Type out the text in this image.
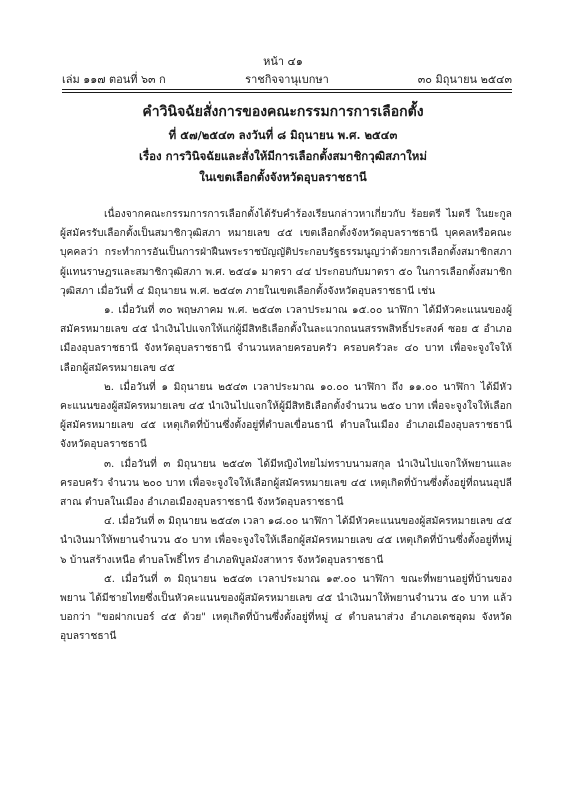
หน้า ๔๑
เล่ม ๑๑๗ ตอนที่ ๖๓ ก	ราชกิจจานุเบกษา	๓๐ มิถุนายน ๒๕๔๓
คำวินิจฉัยสั่งการของคณะกรรมการการเลือกตั้ง
ที่ ๕๗/๒๕๔๓ ลงวันที่ ๘ มิถุนายน พ.ศ. ๒๕๔๓
เรื่อง การวินิจฉัยและสั่งให้มีการเลือกตั้งสมาชิกวุฒิสภาใหม่
ในเขตเลือกตั้งจังหวัดอุบลราชธานี

เนื่องจากคณะกรรมการการเลือกตั้งได้รับคำร้องเรียนกล่าวหาเกี่ยวกับ ร้อยตรี ไมตรี ในยะกูล ผู้สมัครรับเลือกตั้งเป็นสมาชิกวุฒิสภา หมายเลข ๔๕ เขตเลือกตั้งจังหวัดอุบลราชธานี บุคคลหรือคณะบุคคลว่า กระทำการอันเป็นการฝ่าฝืนพระราชบัญญัติประกอบรัฐธรรมนูญว่าด้วยการเลือกตั้งสมาชิกสภาผู้แทนราษฎรและสมาชิกวุฒิสภา พ.ศ. ๒๕๔๑ มาตรา ๔๔ ประกอบกับมาตรา ๕๐ ในการเลือกตั้งสมาชิกวุฒิสภา เมื่อวันที่ ๔ มิถุนายน พ.ศ. ๒๕๔๓ ภายในเขตเลือกตั้งจังหวัดอุบลราชธานี เช่น

๑. เมื่อวันที่ ๓๐ พฤษภาคม พ.ศ. ๒๕๔๓ เวลาประมาณ ๑๕.๐๐ นาฬิกา ได้มีหัวคะแนนของผู้สมัครหมายเลข ๔๕ นำเงินไปแจกให้แก่ผู้มีสิทธิเลือกตั้งในละแวกถนนสรรพสิทธิ์ประสงค์ ซอย ๕ อำเภอเมืองอุบลราชธานี จังหวัดอุบลราชธานี จำนวนหลายครอบครัว ครอบครัวละ ๔๐ บาท เพื่อจะจูงใจให้เลือกผู้สมัครหมายเลข ๔๕

๒. เมื่อวันที่ ๑ มิถุนายน ๒๕๔๓ เวลาประมาณ ๑๐.๐๐ นาฬิกา ถึง ๑๑.๐๐ นาฬิกา ได้มีหัวคะแนนของผู้สมัครหมายเลข ๔๕ นำเงินไปแจกให้ผู้มีสิทธิเลือกตั้งจำนวน ๒๕๐ บาท เพื่อจะจูงใจให้เลือกผู้สมัครหมายเลข ๔๕ เหตุเกิดที่บ้านซึ่งตั้งอยู่ที่ตำบลเขื่อนธานี ตำบลในเมือง อำเภอเมืองอุบลราชธานี จังหวัดอุบลราชธานี

๓. เมื่อวันที่ ๓ มิถุนายน ๒๕๔๓ ได้มีหญิงไทยไม่ทราบนามสกุล นำเงินไปแจกให้พยานและครอบครัว จำนวน ๒๐๐ บาท เพื่อจะจูงใจให้เลือกผู้สมัครหมายเลข ๔๕ เหตุเกิดที่บ้านซึ่งตั้งอยู่ที่ถนนอุปลีสาณ ตำบลในเมือง อำเภอเมืองอุบลราชธานี จังหวัดอุบลราชธานี

๔. เมื่อวันที่ ๓ มิถุนายน ๒๕๔๓ เวลา ๑๘.๐๐ นาฬิกา ได้มีหัวคะแนนของผู้สมัครหมายเลข ๔๕ นำเงินมาให้พยานจำนวน ๕๐ บาท เพื่อจะจูงใจให้เลือกผู้สมัครหมายเลข ๔๕ เหตุเกิดที่บ้านซึ่งตั้งอยู่ที่หมู่ ๖ บ้านสร้างเหนือ ตำบลโพธิ์ไทร อำเภอพิบูลมังสาหาร จังหวัดอุบลราชธานี

๕. เมื่อวันที่ ๓ มิถุนายน ๒๕๔๓ เวลาประมาณ ๑๙.๐๐ นาฬิกา ขณะที่พยานอยู่ที่บ้านของพยาน ได้มีชายไทยซึ่งเป็นหัวคะแนนของผู้สมัครหมายเลข ๔๕ นำเงินมาให้พยานจำนวน ๕๐ บาท แล้วบอกว่า "ขอฝากเบอร์ ๔๕ ด้วย" เหตุเกิดที่บ้านซึ่งตั้งอยู่ที่หมู่ ๔ ตำบลนาส่วง อำเภอเดชอุดม จังหวัดอุบลราชธานี
